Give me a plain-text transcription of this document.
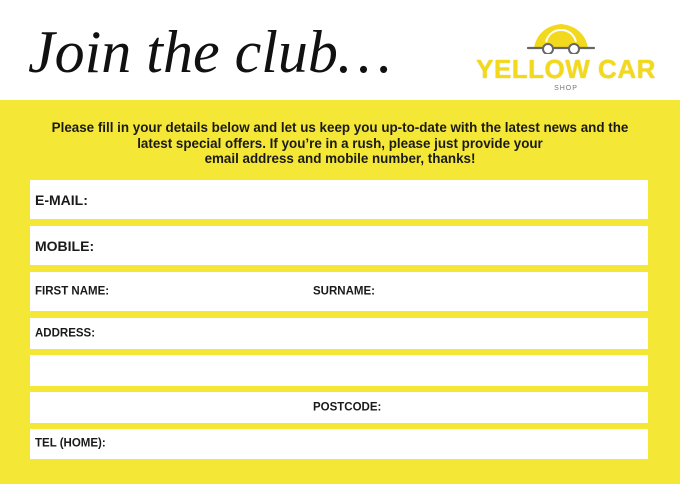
Join the club…	YELLOW CAR
SHOP
Please fill in your details below and let us keep you up-to-date with the latest news and the
latest special offers. If you’re in a rush, please just provide your
email address and mobile number, thanks!
E-MAIL:
MOBILE:
FIRST NAME:	SURNAME:
ADDRESS:
POSTCODE:
TEL (HOME):
